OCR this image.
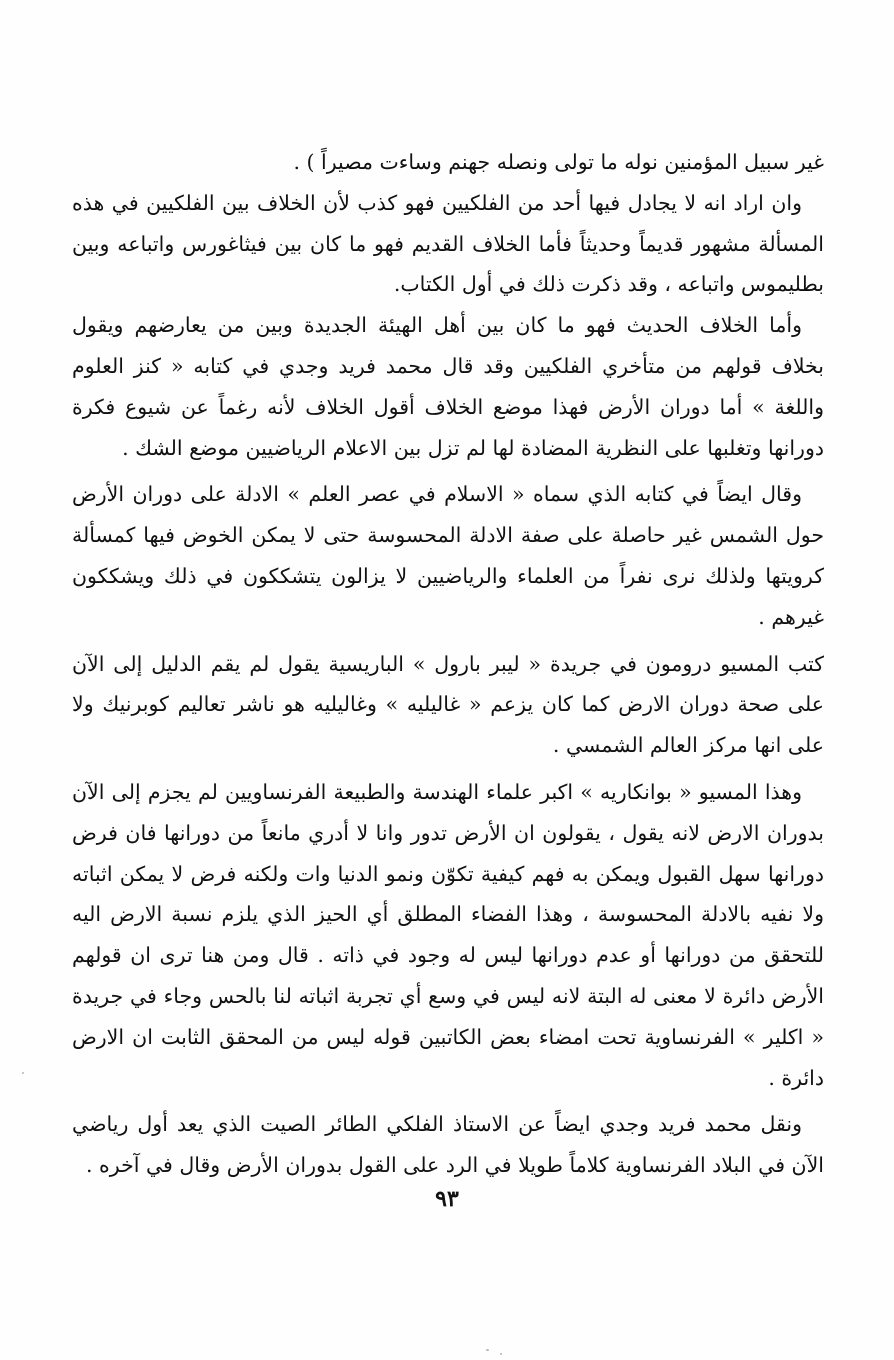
غير سبيل المؤمنين نوله ما تولى ونصله جهنم وساءت مصيراً ) .

وان اراد انه لا يجادل فيها أحد من الفلكيين فهو كذب لأن الخلاف بين الفلكيين في هذه المسألة مشهور قديماً وحديثاً فأما الخلاف القديم فهو ما كان بين فيثاغورس واتباعه وبين بطليموس واتباعه ، وقد ذكرت ذلك في أول الكتاب.

وأما الخلاف الحديث فهو ما كان بين أهل الهيئة الجديدة وبين من يعارضهم ويقول بخلاف قولهم من متأخري الفلكيين وقد قال محمد فريد وجدي في كتابه « كنز العلوم واللغة » أما دوران الأرض فهذا موضع الخلاف أقول الخلاف لأنه رغماً عن شيوع فكرة دورانها وتغلبها على النظرية المضادة لها لم تزل بين الاعلام الرياضيين موضع الشك .

وقال ايضاً في كتابه الذي سماه « الاسلام في عصر العلم » الادلة على دوران الأرض حول الشمس غير حاصلة على صفة الادلة المحسوسة حتى لا يمكن الخوض فيها كمسألة كرويتها ولذلك نرى نفراً من العلماء والرياضيين لا يزالون يتشككون في ذلك ويشككون غيرهم .

كتب المسيو درومون في جريدة « ليبر بارول » الباريسية يقول لم يقم الدليل إلى الآن على صحة دوران الارض كما كان يزعم « غاليليه » وغاليليه هو ناشر تعاليم كوبرنيك ولا على انها مركز العالم الشمسي .

وهذا المسيو « بوانكاريه » اكبر علماء الهندسة والطبيعة الفرنساويين لم يجزم إلى الآن بدوران الارض لانه يقول ، يقولون ان الأرض تدور وانا لا أدري مانعاً من دورانها فان فرض دورانها سهل القبول ويمكن به فهم كيفية تكوّن ونمو الدنيا وات ولكنه فرض لا يمكن اثباته ولا نفيه بالادلة المحسوسة ، وهذا الفضاء المطلق أي الحيز الذي يلزم نسبة الارض اليه للتحقق من دورانها أو عدم دورانها ليس له وجود في ذاته . قال ومن هنا ترى ان قولهم الأرض دائرة لا معنى له البتة لانه ليس في وسع أي تجربة اثباته لنا بالحس وجاء في جريدة « اكلير » الفرنساوية تحت امضاء بعض الكاتبين قوله ليس من المحقق الثابت ان الارض دائرة .

ونقل محمد فريد وجدي ايضاً عن الاستاذ الفلكي الطائر الصيت الذي يعد أول رياضي الآن في البلاد الفرنساوية كلاماً طويلا في الرد على القول بدوران الأرض وقال في آخره .

٩٣
